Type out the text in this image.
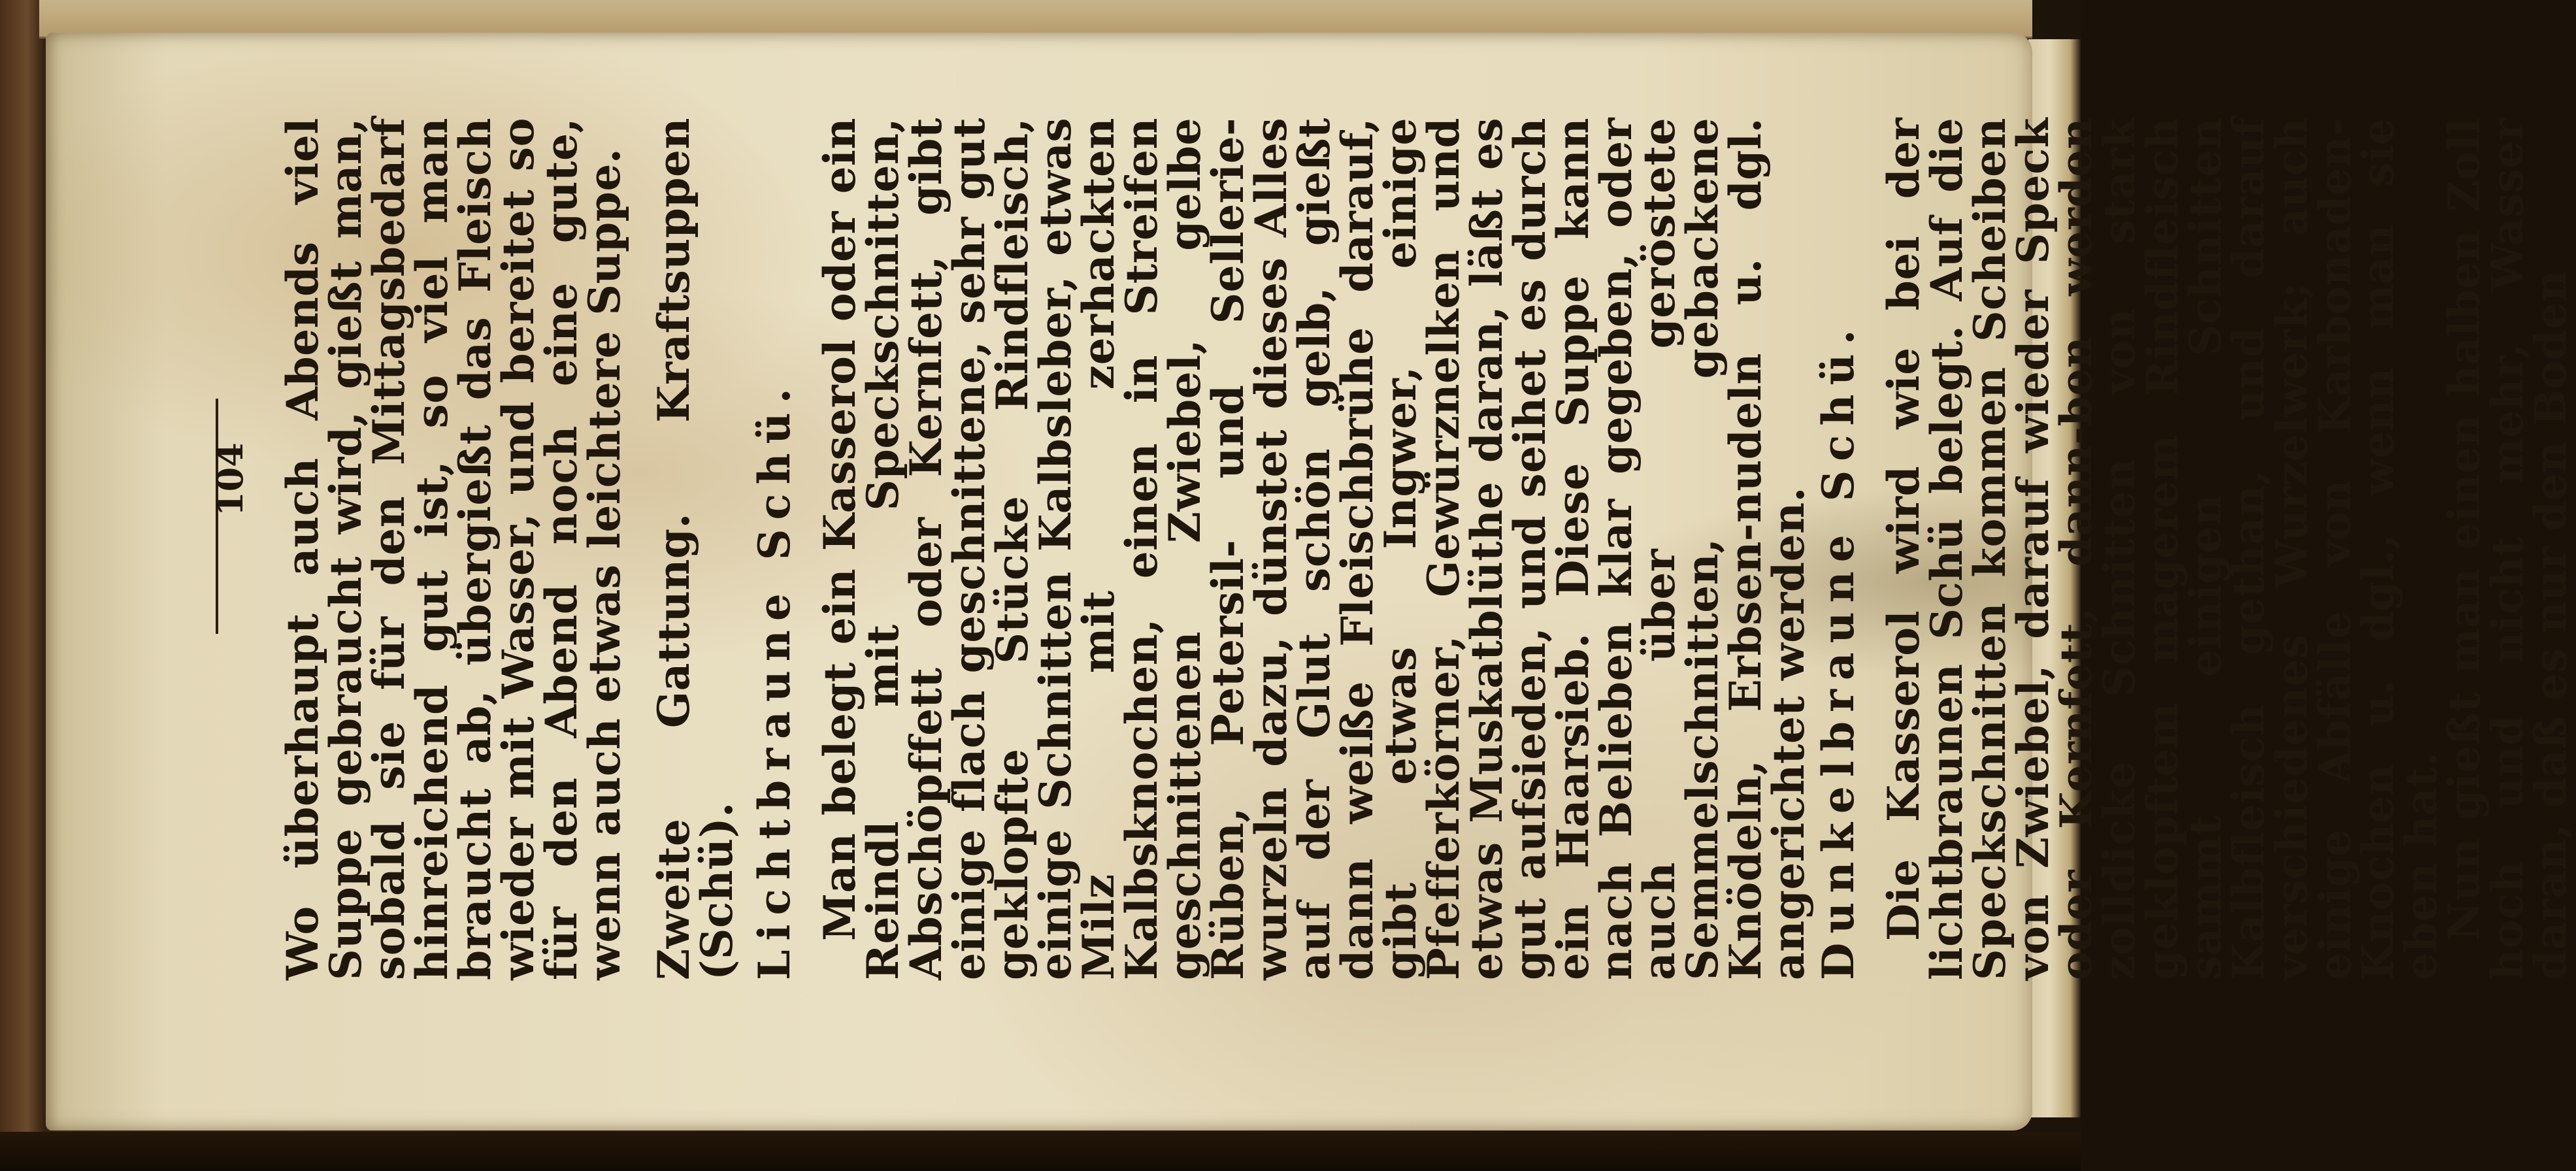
104 Wo überhaupt auch Abends viel Suppe gebraucht wird, gießt man, sobald sie für den Mittagsbedarf hinreichend gut ist, so viel man braucht ab, übergießt das Fleisch wieder mit Wasser, und bereitet so für den Abend noch eine gute, wenn auch etwas leichtere Suppe. Zweite Gattung. Kraftsuppen (Schü). Lichtbraune Schü. Man belegt ein Kasserol oder ein Reindl mit Speckschnitten, Abschöpffett oder Kernfett, gibt einige flach geschnittene, sehr gut geklopfte Stücke Rindfleisch, einige Schnitten Kalbsleber, etwas Milz mit zerhackten Kalbsknochen, einen in Streifen geschnittenen Zwiebel, gelbe Rüben, Petersil- und Sellerie-wurzeln dazu, dünstet dieses Alles auf der Glut schön gelb, gießt dann weiße Fleischbrühe darauf, gibt etwas Ingwer, einige Pfefferkörner, Gewürznelken und etwas Muskatblüthe daran, läßt es gut aufsieden, und seihet es durch ein Haarsieb. Diese Suppe kann nach Belieben klar gegeben, oder auch über geröstete Semmelschnitten, gebackene Knödeln, Erbsen-nudeln u. dgl. angerichtet werden.

Dunkelbraune Schü. Die Kasserol wird wie bei der lichtbraunen Schü belegt. Auf die Speckschnitten kommen Scheiben von Zwiebel, darauf wieder Speck oder Kernfett, dann-ben werden zolldicke Schnitten von stark geklopftem magerem Rindfleisch sammt einigen Schnitten Kalbfleisch gethan, und darauf verschiedenes Wurzelwerk; auch einige Abfälle von Karbonaden-Knochen u. dgl., wenn man sie eben hat.

Nun gießt man einen halben Zoll hoch und nicht mehr, Wasser daran, daß es nur den Boden
